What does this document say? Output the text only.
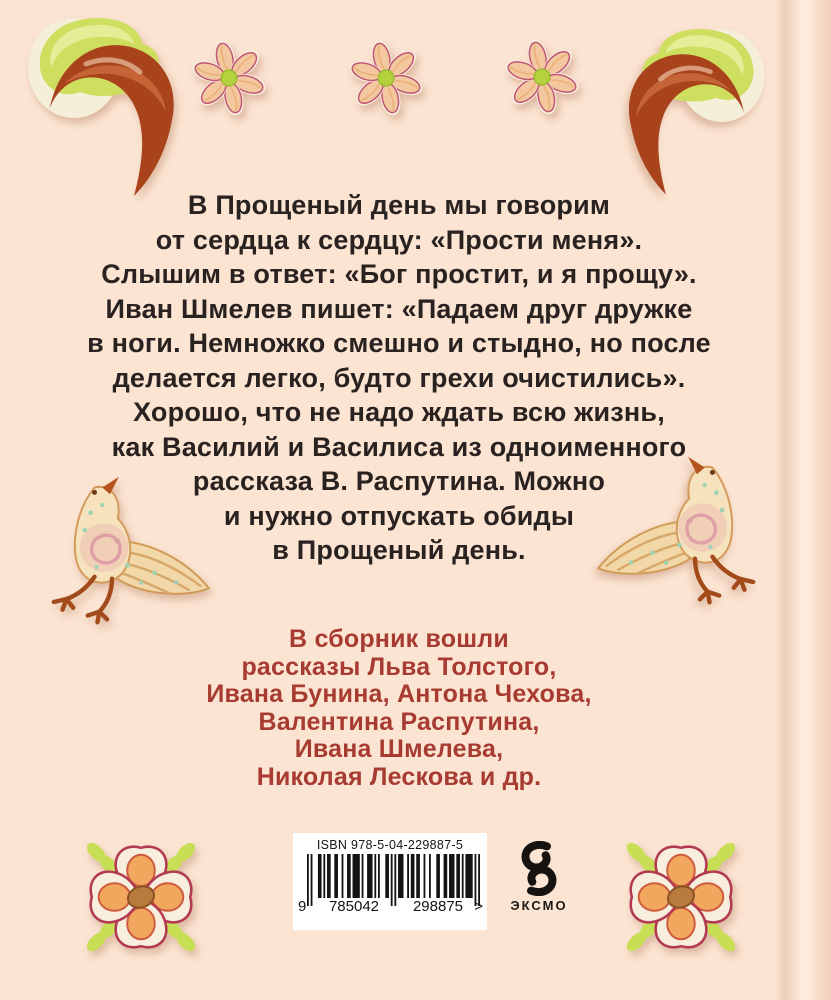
В Прощеный день мы говорим
от сердца к сердцу: «Прости меня».
Слышим в ответ: «Бог простит, и я прощу».
Иван Шмелев пишет: «Падаем друг дружке
в ноги. Немножко смешно и стыдно, но после
делается легко, будто грехи очистились».
Хорошо, что не надо ждать всю жизнь,
как Василий и Василиса из одноименного
рассказа В. Распутина. Можно
и нужно отпускать обиды
в Прощеный день.
В сборник вошли
рассказы Льва Толстого,
Ивана Бунина, Антона Чехова,
Валентина Распутина,
Ивана Шмелева,
Николая Лескова и др.
ISBN 978-5-04-229887-5
9 785042 298875 > ЭКСМО
